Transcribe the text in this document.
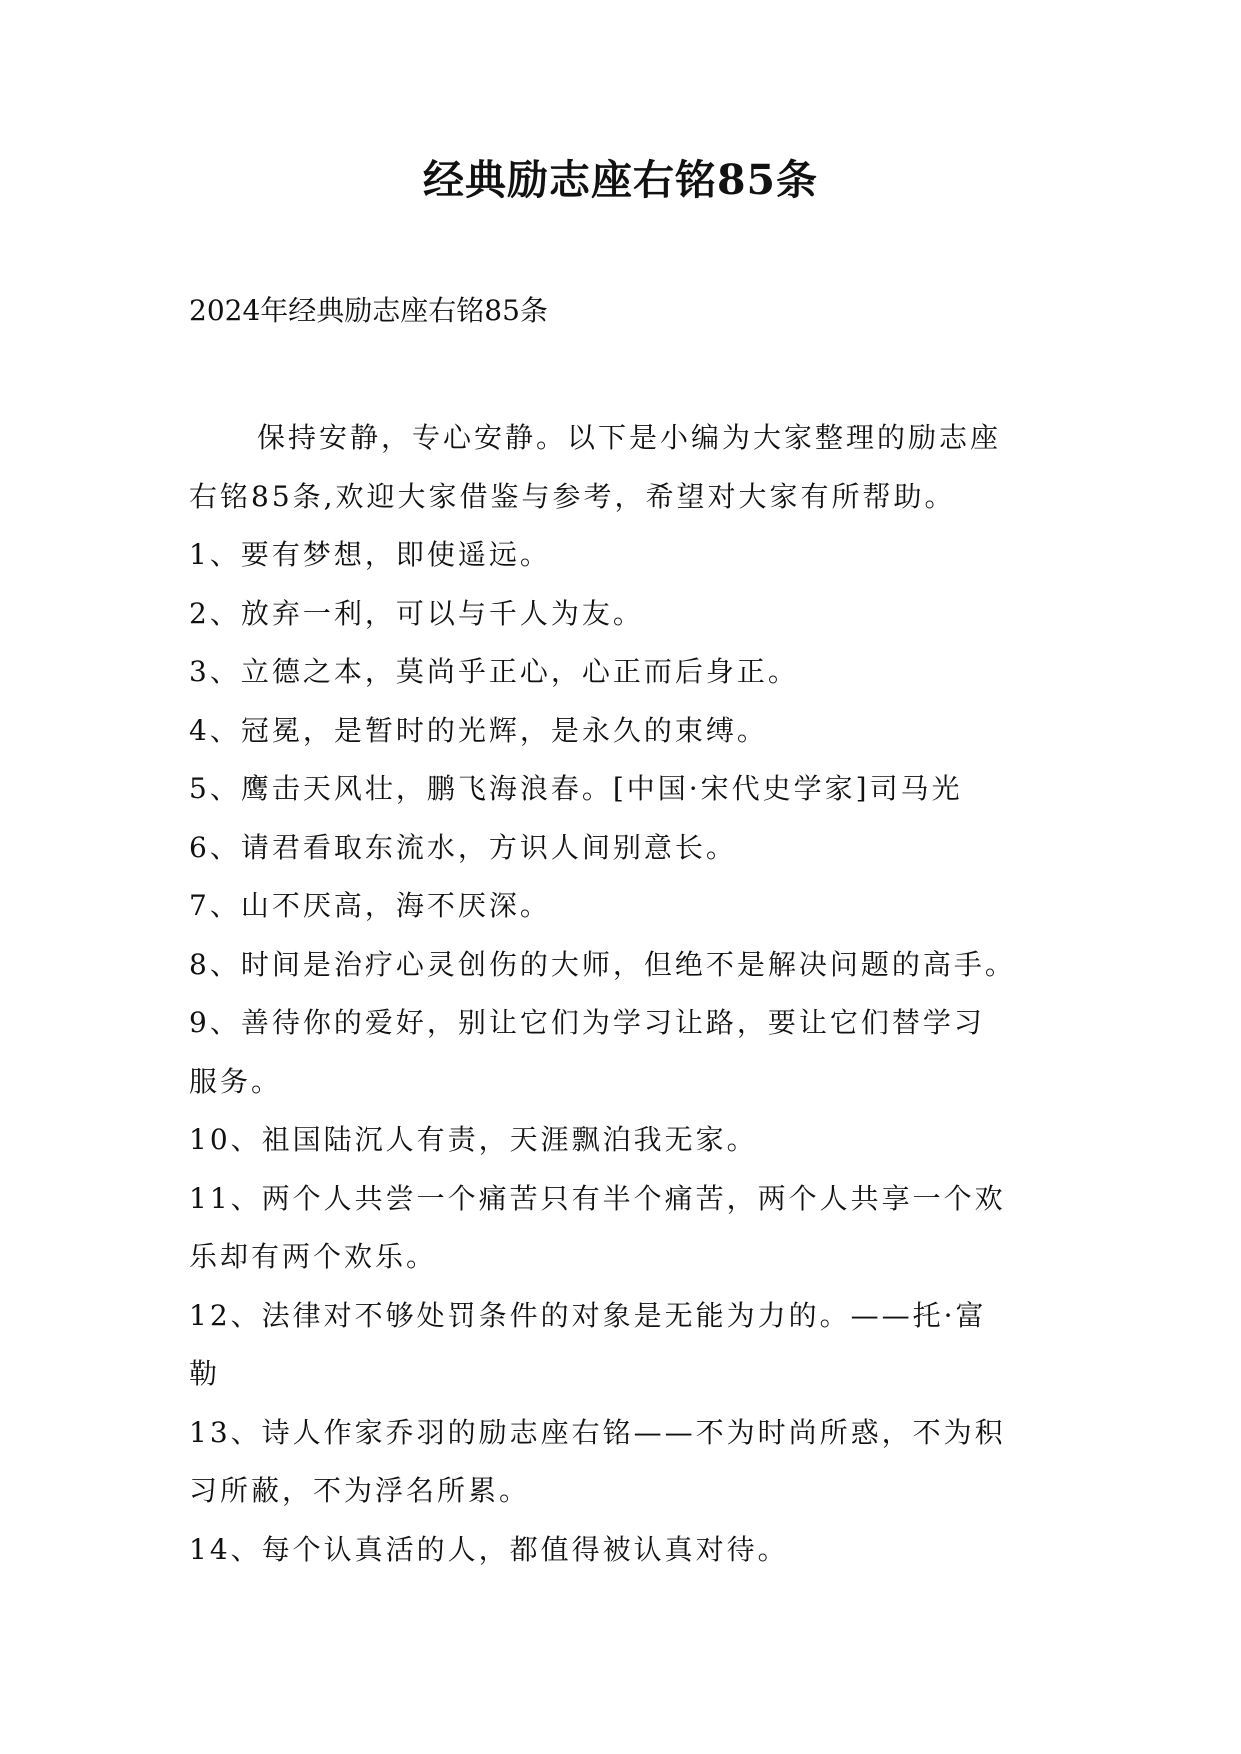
经典励志座右铭85条
2024年经典励志座右铭85条
保持安静，专心安静。以下是小编为大家整理的励志座
右铭85条,欢迎大家借鉴与参考，希望对大家有所帮助。
1、要有梦想，即使遥远。
2、放弃一利，可以与千人为友。
3、立德之本，莫尚乎正心，心正而后身正。
4、冠冕，是暂时的光辉，是永久的束缚。
5、鹰击天风壮，鹏飞海浪春。[中国·宋代史学家]司马光
6、请君看取东流水，方识人间别意长。
7、山不厌高，海不厌深。
8、时间是治疗心灵创伤的大师，但绝不是解决问题的高手。
9、善待你的爱好，别让它们为学习让路，要让它们替学习
服务。
10、祖国陆沉人有责，天涯飘泊我无家。
11、两个人共尝一个痛苦只有半个痛苦，两个人共享一个欢
乐却有两个欢乐。
12、法律对不够处罚条件的对象是无能为力的。——托·富
勒
13、诗人作家乔羽的励志座右铭——不为时尚所惑，不为积
习所蔽，不为浮名所累。
14、每个认真活的人，都值得被认真对待。
